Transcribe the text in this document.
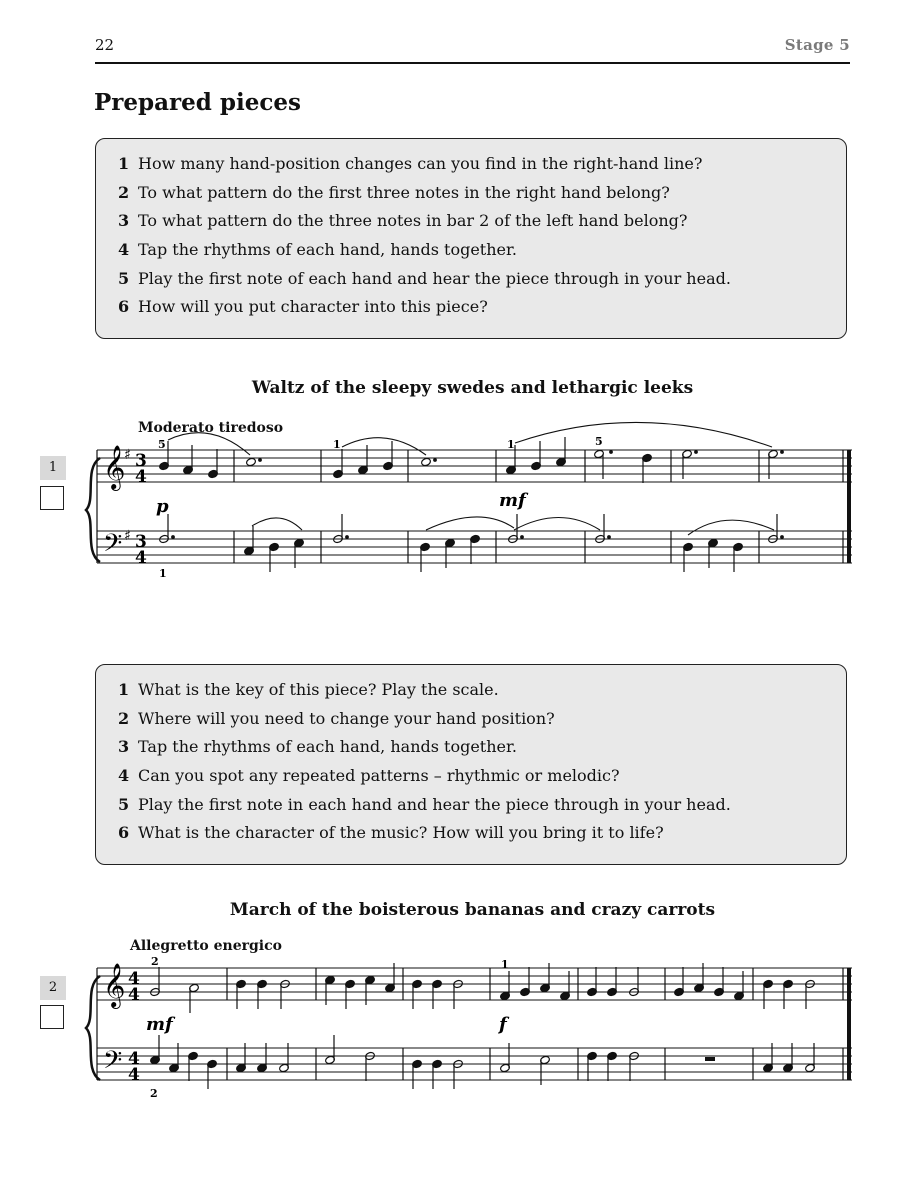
22	Stage 5
Prepared pieces
1 How many hand-position changes can you find in the right-hand line?
2 To what pattern do the first three notes in the right hand belong?
3 To what pattern do the three notes in bar 2 of the left hand belong?
4 Tap the rhythms of each hand, hands together.
5 Play the first note of each hand and hear the piece through in your head.
6 How will you put character into this piece?
Waltz of the sleepy swedes and lethargic leeks
Moderato tiredoso
1 𝄞
𝄢
♯
♯
3
4
3
4
5	1	1	5
1
p	mf
𝄞
𝄢
4
4
4
4
2	1
2
mf	f
1 What is the key of this piece? Play the scale.
2 Where will you need to change your hand position?
3 Tap the rhythms of each hand, hands together.
4 Can you spot any repeated patterns – rhythmic or melodic?
5 Play the first note in each hand and hear the piece through in your head.
6 What is the character of the music? How will you bring it to life?
March of the boisterous bananas and crazy carrots
Allegretto energico
2
